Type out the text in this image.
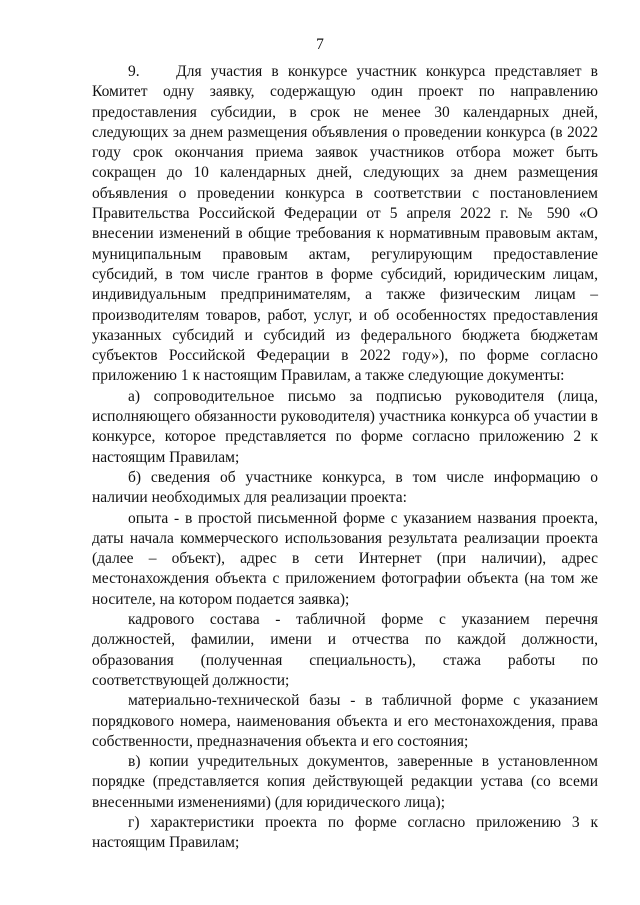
7

9.    Для участия в конкурсе участник конкурса представляет в Комитет одну заявку, содержащую один проект по направлению предоставления субсидии, в срок не менее 30 календарных дней, следующих за днем размещения объявления о проведении конкурса (в 2022 году срок окончания приема заявок участников отбора может быть сокращен до 10 календарных дней, следующих за днем размещения объявления о проведении конкурса в соответствии с постановлением Правительства Российской Федерации от 5 апреля 2022 г. № 590 «О внесении изменений в общие требования к нормативным правовым актам, муниципальным правовым актам, регулирующим предоставление субсидий, в том числе грантов в форме субсидий, юридическим лицам, индивидуальным предпринимателям, а также физическим лицам – производителям товаров, работ, услуг, и об особенностях предоставления указанных субсидий и субсидий из федерального бюджета бюджетам субъектов Российской Федерации в 2022 году»), по форме согласно приложению 1 к настоящим Правилам, а также следующие документы:

а) сопроводительное письмо за подписью руководителя (лица, исполняющего обязанности руководителя) участника конкурса об участии в конкурсе, которое представляется по форме согласно приложению 2 к настоящим Правилам;

б) сведения об участнике конкурса, в том числе информацию о наличии необходимых для реализации проекта:

опыта - в простой письменной форме с указанием названия проекта, даты начала коммерческого использования результата реализации проекта (далее – объект), адрес в сети Интернет (при наличии), адрес местонахождения объекта с приложением фотографии объекта (на том же носителе, на котором подается заявка);

кадрового состава - табличной форме с указанием перечня должностей, фамилии, имени и отчества по каждой должности, образования (полученная специальность), стажа работы по соответствующей должности;

материально-технической базы - в табличной форме с указанием порядкового номера, наименования объекта и его местонахождения, права собственности, предназначения объекта и его состояния;

в) копии учредительных документов, заверенные в установленном порядке (представляется копия действующей редакции устава (со всеми внесенными изменениями) (для юридического лица);

г) характеристики проекта по форме согласно приложению 3 к настоящим Правилам;
